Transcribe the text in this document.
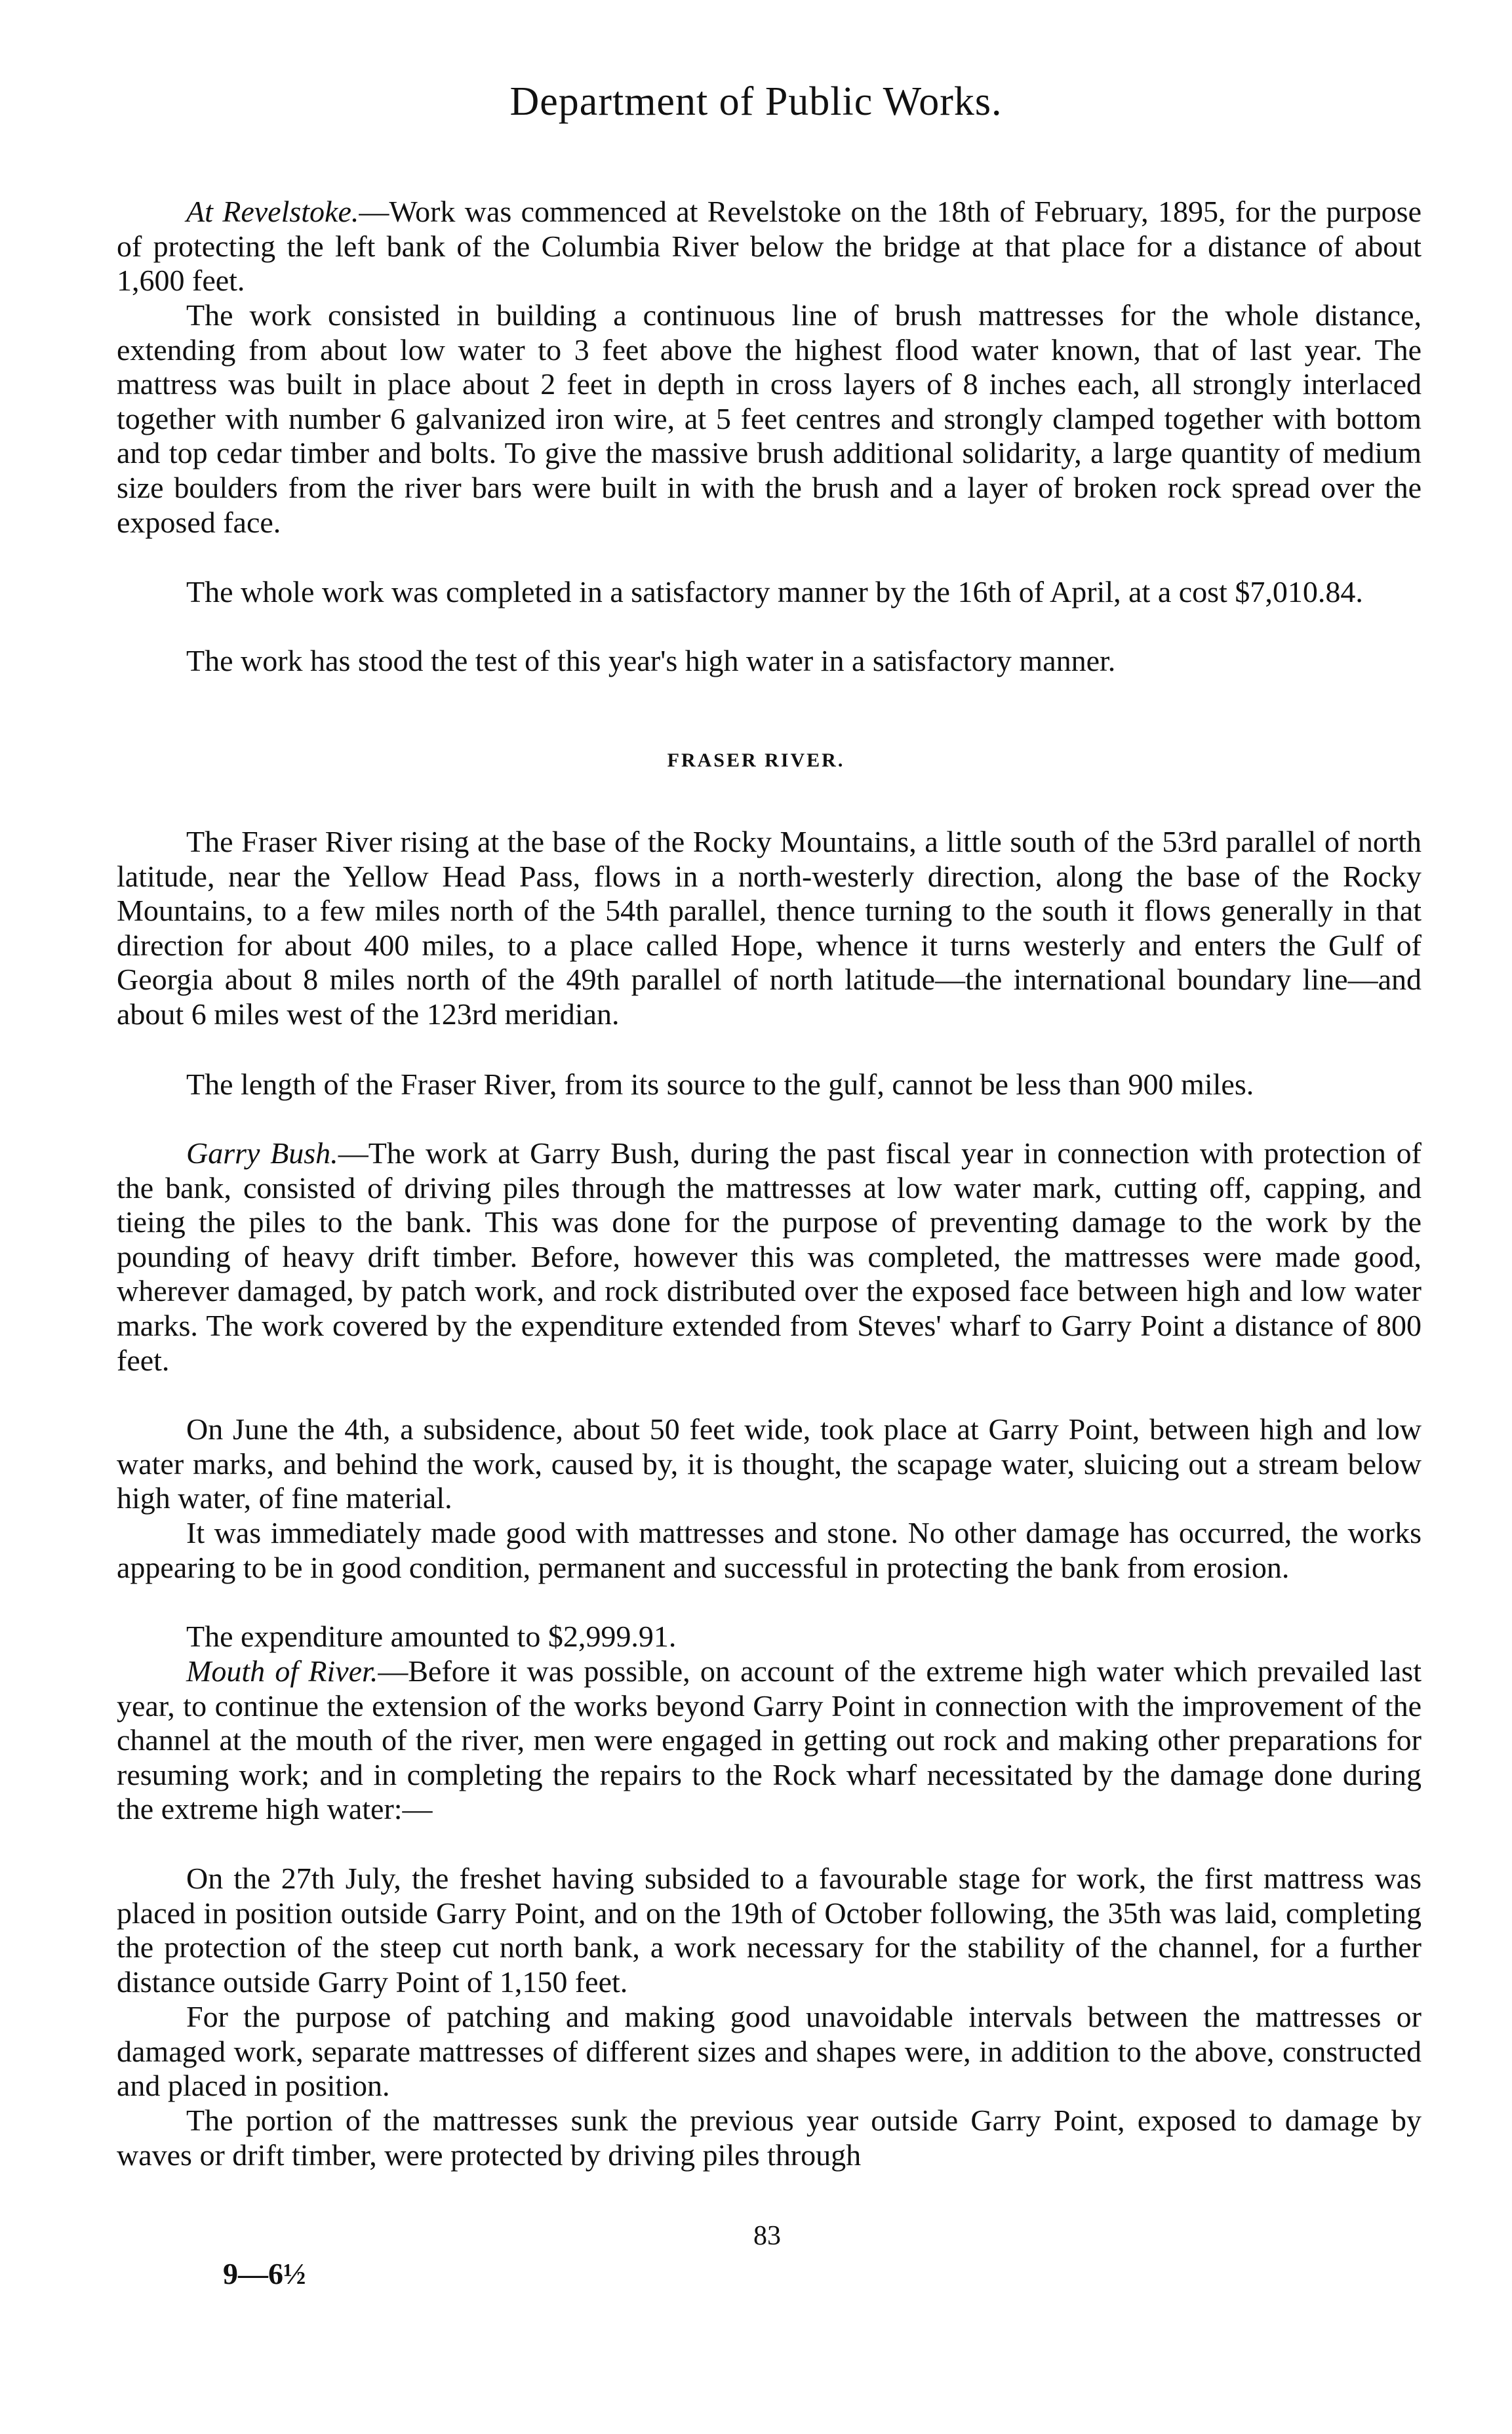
Department of Public Works.

At Revelstoke.—Work was commenced at Revelstoke on the 18th of February, 1895, for the purpose of protecting the left bank of the Columbia River below the bridge at that place for a distance of about 1,600 feet.

The work consisted in building a continuous line of brush mattresses for the whole distance, extending from about low water to 3 feet above the highest flood water known, that of last year. The mattress was built in place about 2 feet in depth in cross layers of 8 inches each, all strongly interlaced together with number 6 galvanized iron wire, at 5 feet centres and strongly clamped together with bottom and top cedar timber and bolts. To give the massive brush additional solidarity, a large quantity of medium size boulders from the river bars were built in with the brush and a layer of broken rock spread over the exposed face.

The whole work was completed in a satisfactory manner by the 16th of April, at a cost $7,010.84.

The work has stood the test of this year's high water in a satisfactory manner.

FRASER RIVER.

The Fraser River rising at the base of the Rocky Mountains, a little south of the 53rd parallel of north latitude, near the Yellow Head Pass, flows in a north-westerly direction, along the base of the Rocky Mountains, to a few miles north of the 54th parallel, thence turning to the south it flows generally in that direction for about 400 miles, to a place called Hope, whence it turns westerly and enters the Gulf of Georgia about 8 miles north of the 49th parallel of north latitude—the international boundary line—and about 6 miles west of the 123rd meridian.

The length of the Fraser River, from its source to the gulf, cannot be less than 900 miles.

Garry Bush.—The work at Garry Bush, during the past fiscal year in connection with protection of the bank, consisted of driving piles through the mattresses at low water mark, cutting off, capping, and tieing the piles to the bank. This was done for the purpose of preventing damage to the work by the pounding of heavy drift timber. Before, however this was completed, the mattresses were made good, wherever damaged, by patch work, and rock distributed over the exposed face between high and low water marks. The work covered by the expenditure extended from Steves' wharf to Garry Point a distance of 800 feet.

On June the 4th, a subsidence, about 50 feet wide, took place at Garry Point, between high and low water marks, and behind the work, caused by, it is thought, the scapage water, sluicing out a stream below high water, of fine material.

It was immediately made good with mattresses and stone. No other damage has occurred, the works appearing to be in good condition, permanent and successful in protecting the bank from erosion.

The expenditure amounted to $2,999.91.

Mouth of River.—Before it was possible, on account of the extreme high water which prevailed last year, to continue the extension of the works beyond Garry Point in connection with the improvement of the channel at the mouth of the river, men were engaged in getting out rock and making other preparations for resuming work; and in completing the repairs to the Rock wharf necessitated by the damage done during the extreme high water:—

On the 27th July, the freshet having subsided to a favourable stage for work, the first mattress was placed in position outside Garry Point, and on the 19th of October following, the 35th was laid, completing the protection of the steep cut north bank, a work necessary for the stability of the channel, for a further distance outside Garry Point of 1,150 feet.

For the purpose of patching and making good unavoidable intervals between the mattresses or damaged work, separate mattresses of different sizes and shapes were, in addition to the above, constructed and placed in position.

The portion of the mattresses sunk the previous year outside Garry Point, exposed to damage by waves or drift timber, were protected by driving piles through

83
9—6½
